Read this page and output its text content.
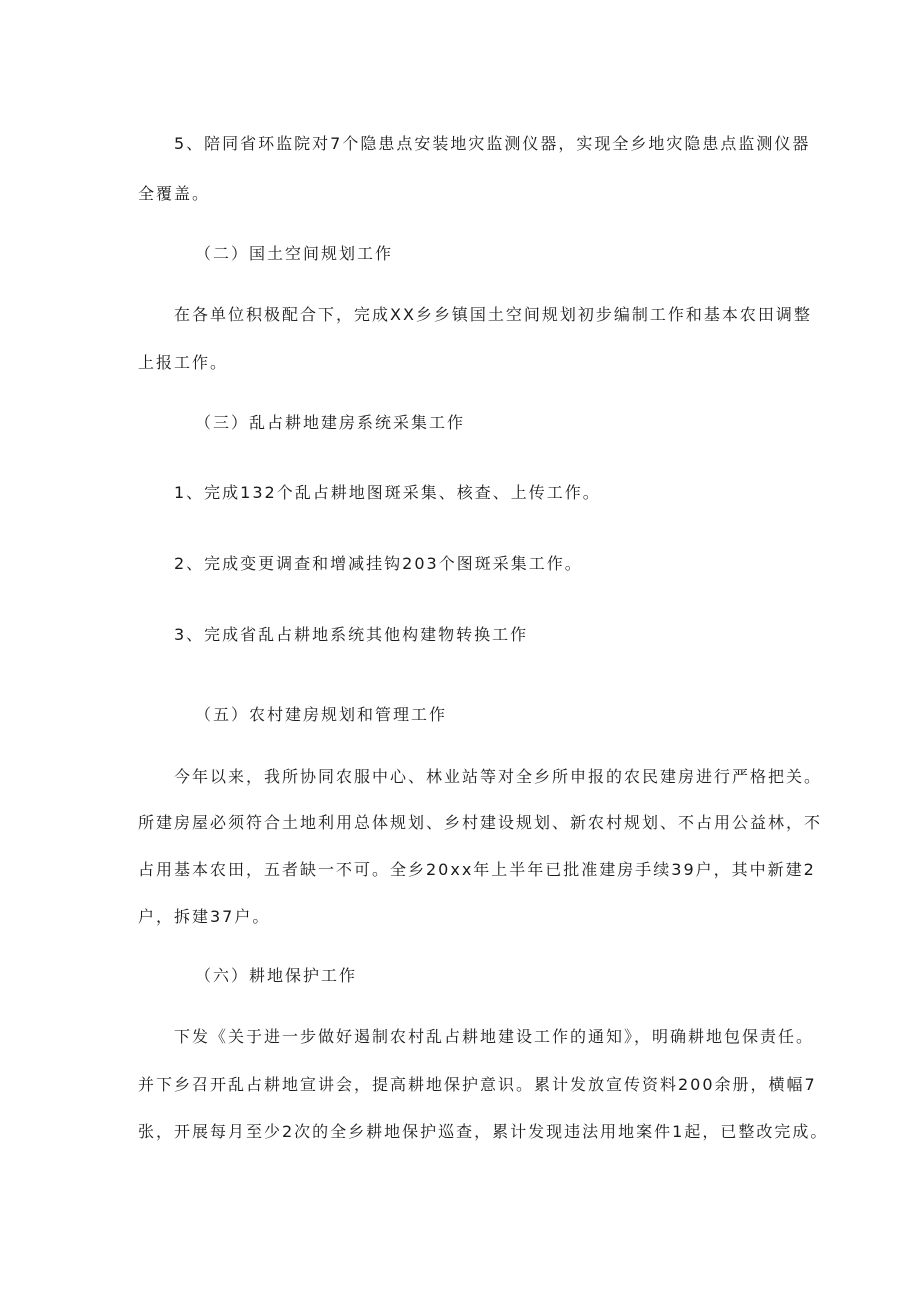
5、陪同省环监院对7个隐患点安装地灾监测仪器，实现全乡地灾隐患点监测仪器
全覆盖。
（二）国土空间规划工作
在各单位积极配合下，完成XX乡乡镇国土空间规划初步编制工作和基本农田调整
上报工作。
（三）乱占耕地建房系统采集工作
1、完成132个乱占耕地图斑采集、核查、上传工作。
2、完成变更调查和增减挂钩203个图斑采集工作。
3、完成省乱占耕地系统其他构建物转换工作
（五）农村建房规划和管理工作
今年以来，我所协同农服中心、林业站等对全乡所申报的农民建房进行严格把关。
所建房屋必须符合土地利用总体规划、乡村建设规划、新农村规划、不占用公益林，不
占用基本农田，五者缺一不可。全乡20xx年上半年已批准建房手续39户，其中新建2
户，拆建37户。
（六）耕地保护工作
下发《关于进一步做好遏制农村乱占耕地建设工作的通知》，明确耕地包保责任。
并下乡召开乱占耕地宣讲会，提高耕地保护意识。累计发放宣传资料200余册，横幅7
张，开展每月至少2次的全乡耕地保护巡查，累计发现违法用地案件1起，已整改完成。
